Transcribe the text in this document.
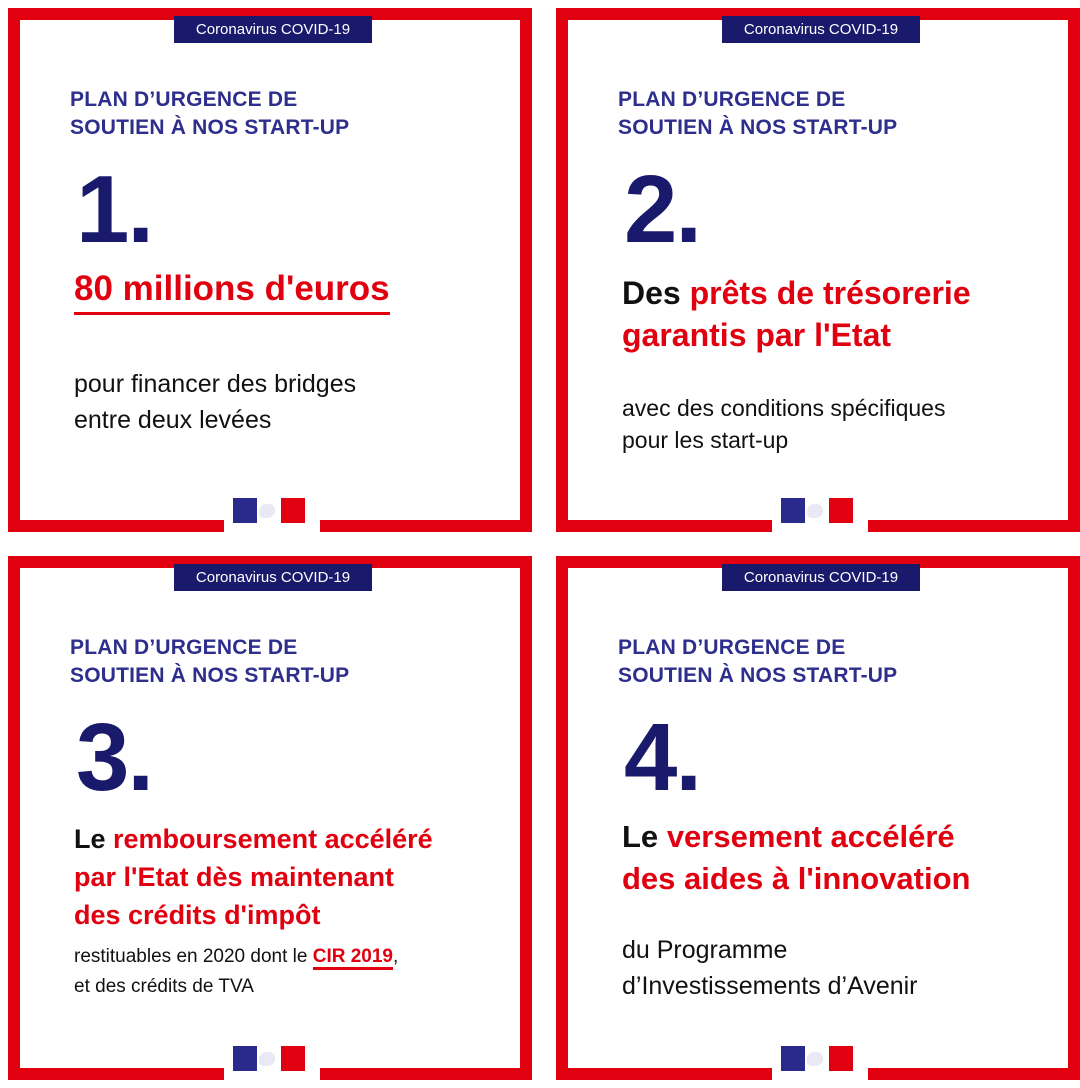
Coronavirus COVID-19
PLAN D’URGENCE DE
SOUTIEN À NOS START-UP
1.
80 millions d'euros
pour financer des bridges
entre deux levées
Coronavirus COVID-19
PLAN D’URGENCE DE
SOUTIEN À NOS START-UP
2.
Des prêts de trésorerie
garantis par l'Etat
avec des conditions spécifiques
pour les start-up
Coronavirus COVID-19
PLAN D’URGENCE DE
SOUTIEN À NOS START-UP
3.
Le remboursement accéléré
par l'Etat dès maintenant
des crédits d'impôt
restituables en 2020 dont le CIR 2019,
et des crédits de TVA
Coronavirus COVID-19
PLAN D’URGENCE DE
SOUTIEN À NOS START-UP
4.
Le versement accéléré
des aides à l'innovation
du Programme
d’Investissements d’Avenir
